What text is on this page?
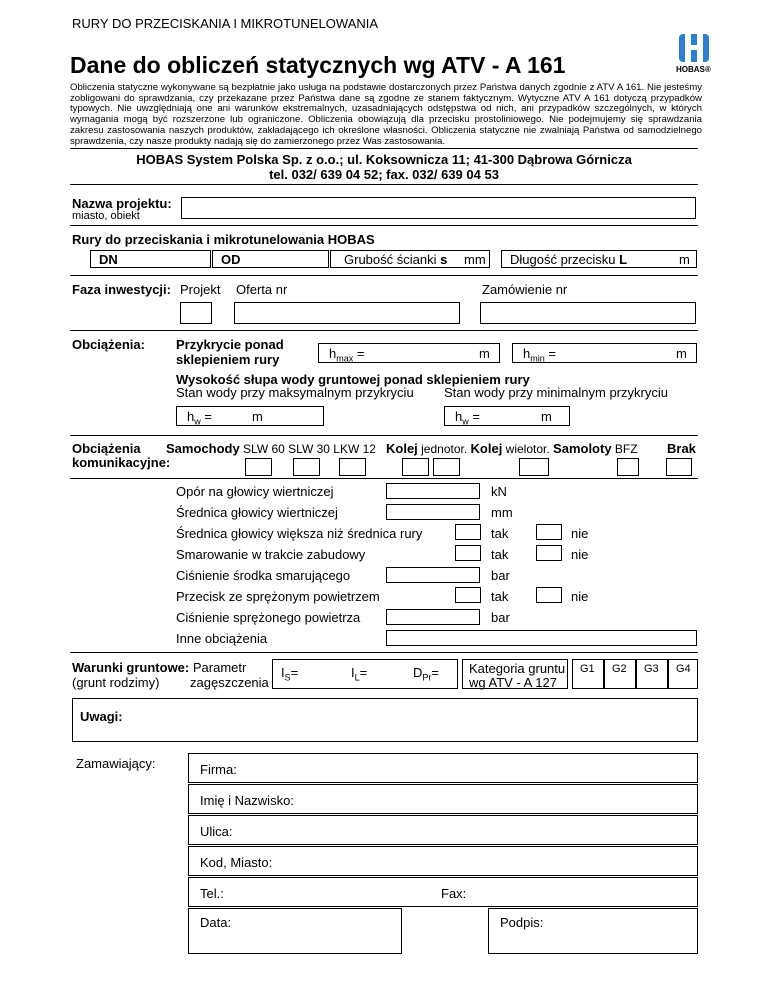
RURY DO PRZECISKANIA I MIKROTUNELOWANIA
Dane do obliczeń statycznych wg ATV - A 161	HOBAS®
Obliczenia statyczne wykonywane są bezpłatnie jako usługa na podstawie dostarczonych przez Państwa danych zgodnie z ATV A 161. Nie jesteśmy zobligowani do sprawdzania, czy przekazane przez Państwa dane są zgodne ze stanem faktycznym. Wytyczne ATV A 161 dotyczą przypadków typowych. Nie uwzględniają one ani warunków ekstremalnych, uzasadniających odstępstwa od nich, ani przypadków szczególnych, w których wymagania mogą być rozszerzone lub ograniczone. Obliczenia obowiązują dla przecisku prostoliniowego. Nie podejmujemy się sprawdzania zakresu zastosowania naszych produktów, zakładającego ich określone własności. Obliczenia statyczne nie zwalniają Państwa od samodzielnego sprawdzenia, czy nasze produkty nadają się do zamierzonego przez Was zastosowania.
HOBAS System Polska Sp. z o.o.; ul. Koksownicza 11; 41-300 Dąbrowa Górnicza
tel. 032/ 639 04 52; fax. 032/ 639 04 53
Nazwa projektu:
miasto, obiekt
Rury do przeciskania i mikrotunelowania HOBAS
DN	OD	Grubość ścianki s mm Długość przecisku L	m
Faza inwestycji: Projekt Oferta nr	Zamówienie nr
Obciążenia: Przykrycie ponad
sklepieniem rury	$h_{max}$ =	m	$h_{min}$ =	m
Wysokość słupa wody gruntowej ponad sklepieniem rury
Stan wody przy maksymalnym przykryciu Stan wody przy minimalnym przykryciu
$h_w$ =	m	$h_w$ =	m
Obciążenia
komunikacyjne:
Samochody SLW 60 SLW 30 LKW 12 Kolej jednotor. Kolej wielotor. Samoloty BFZ Brak
Opór na głowicy wiertniczej	kN
Średnica głowicy wiertniczej	mm
Średnica głowicy większa niż średnica rury	tak	nie
Smarowanie w trakcie zabudowy	tak	nie
Ciśnienie środka smarującego	bar
Przecisk ze sprężonym powietrzem	tak	nie
Ciśnienie sprężonego powietrza	bar
Inne obciążenia
Warunki gruntowe: Parametr
(grunt rodzimy) zagęszczenia
$I_S=$	$I_L=$	$D_{Pr}=$ Kategoria gruntu
wg ATV - A 127
G1 G2 G3 G4
Uwagi:
Zamawiający:	Firma:
Imię i Nazwisko:
Ulica:
Kod, Miasto:
Tel.:	Fax:
Data:	Podpis:
